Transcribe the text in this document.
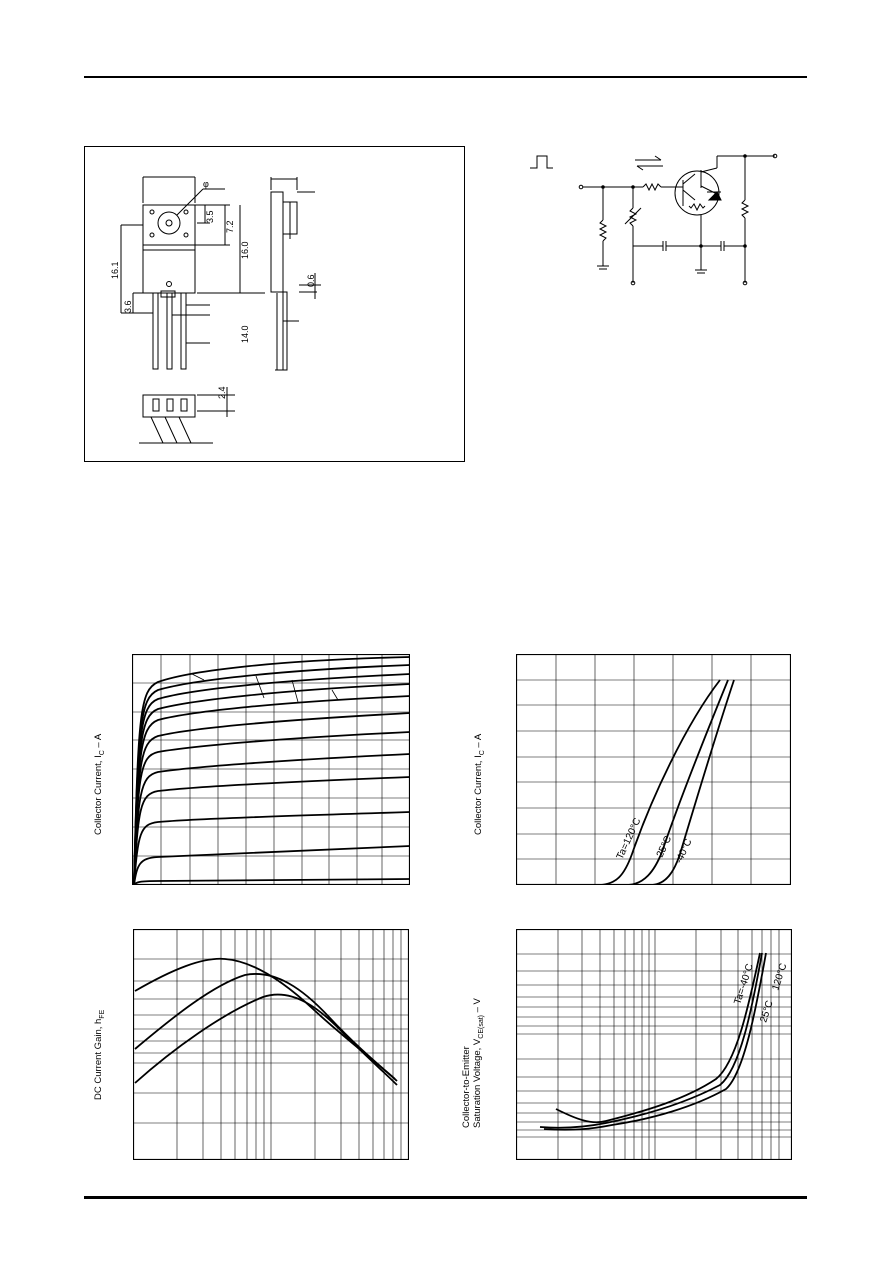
φ
3.5
7.2
16.0
16.1
3.6
0.6
14.0
2.4
Collector Current, $I_C$ – A
Collector Current, $I_C$ – A
Ta=120°C 25°C -40°C
DC Current Gain, $h_{FE}$
Collector-to-Emitter
Saturation Voltage, $V_{CE(sat)}$ – V
Ta=-40°C
25°C
120°C
